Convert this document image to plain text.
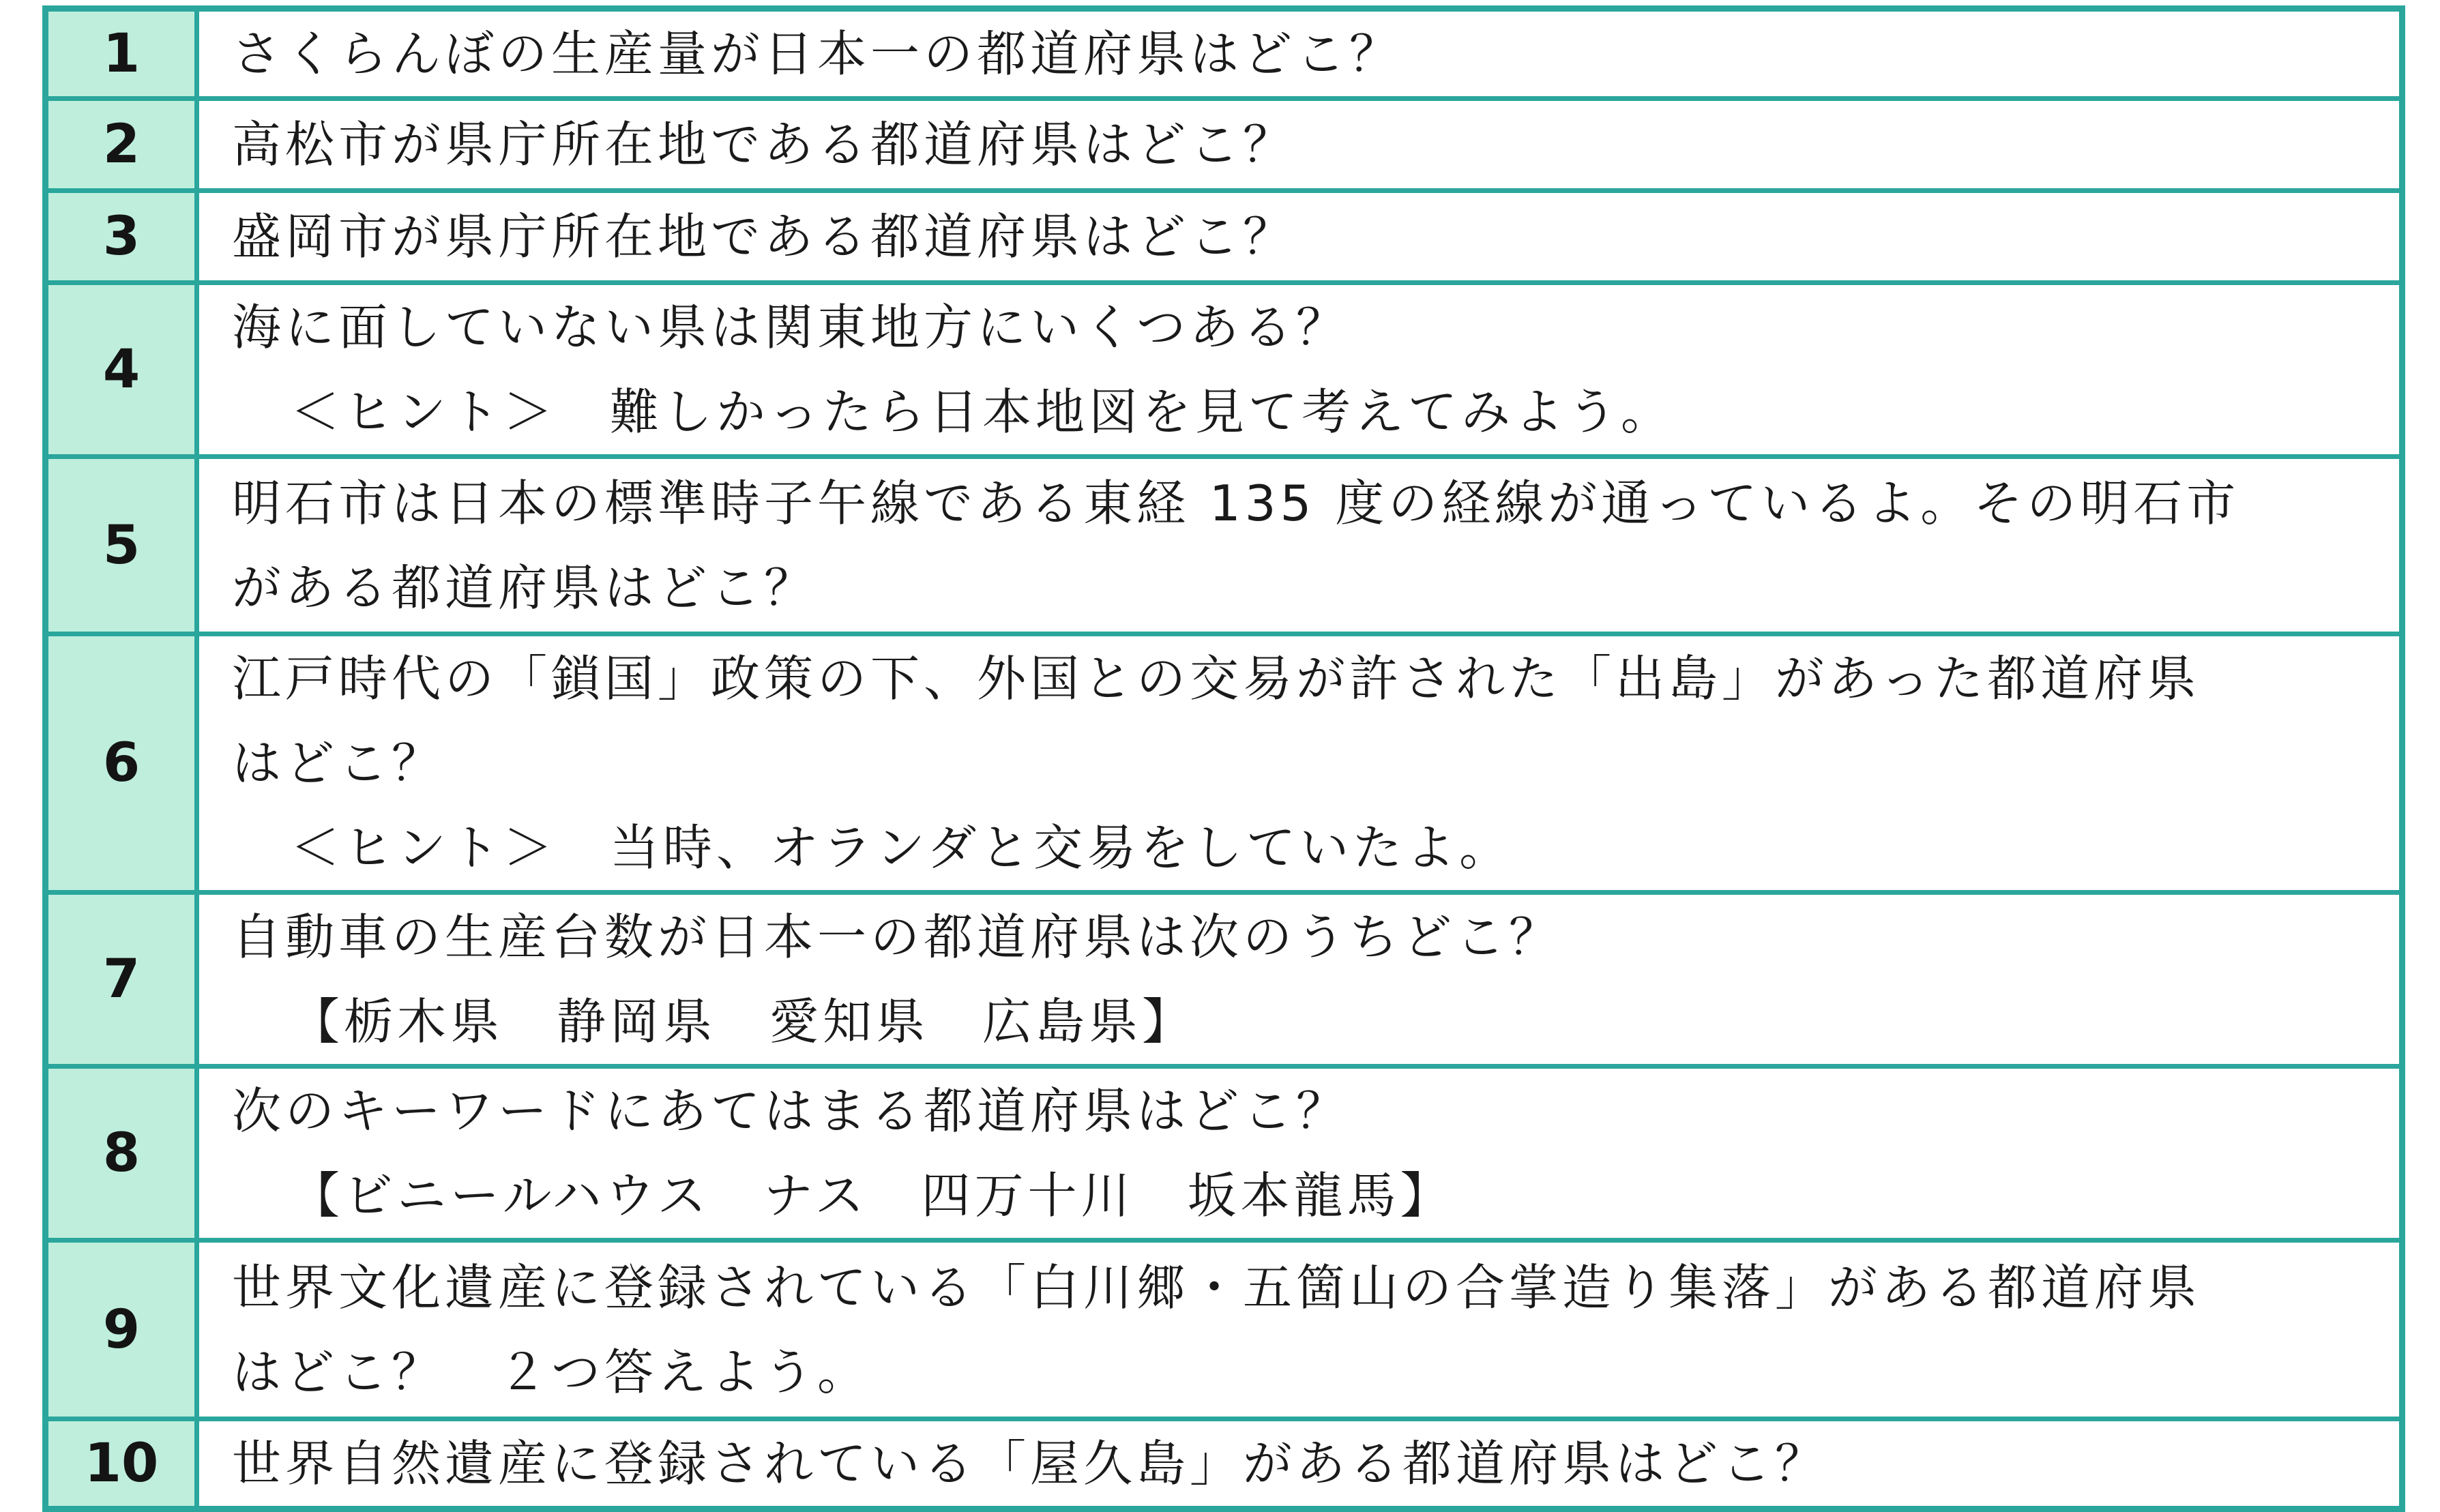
1	さくらんぼの生産量が日本一の都道府県はどこ？

2	高松市が県庁所在地である都道府県はどこ？

3	盛岡市が県庁所在地である都道府県はどこ？

4	海に面していない県は関東地方にいくつある？
＜ヒント＞　難しかったら日本地図を見て考えてみよう。

5	明石市は日本の標準時子午線である東経 135 度の経線が通っているよ。その明石市
がある都道府県はどこ？

6	江戸時代の「鎖国」政策の下、外国との交易が許された「出島」があった都道府県
はどこ？
＜ヒント＞　当時、オランダと交易をしていたよ。

7	自動車の生産台数が日本一の都道府県は次のうちどこ？
【栃木県　静岡県　愛知県　広島県】

8	次のキーワードにあてはまる都道府県はどこ？
【ビニールハウス　ナス　四万十川　坂本龍馬】

9	世界文化遺産に登録されている「白川郷・五箇山の合掌造り集落」がある都道府県
はどこ？　２つ答えよう。

10	世界自然遺産に登録されている「屋久島」がある都道府県はどこ？
